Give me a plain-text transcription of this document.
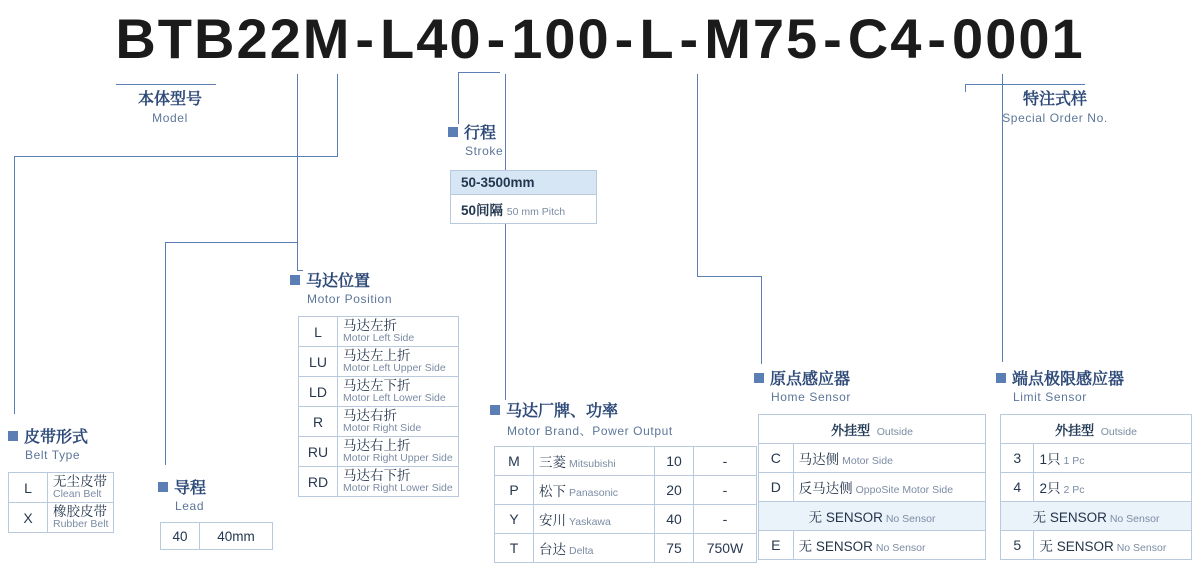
BTB22M-L40-100-L-M75-C4-0001
本体型号
Model
特注式样
Special Order No.
行程
Stroke
50-3500mm
50间隔 50 mm Pitch
皮带形式
Belt Type
L	无尘皮带
Clean Belt

X	橡胶皮带
Rubber Belt
导程
Lead
40	40mm
马达位置
Motor Position
L	马达左折
Motor Left Side

LU	马达左上折
Motor Left Upper Side

LD	马达左下折
Motor Left Lower Side

R	马达右折
Motor Right Side

RU	马达右上折
Motor Right Upper Side

RD	马达右下折
Motor Right Lower Side
马达厂牌、功率
Motor Brand、Power Output
M	三菱 Mitsubishi	10	-
P	松下 Panasonic	20	-
Y	安川 Yaskawa	40	-
T	台达 Delta	75	750W
原点感应器
Home Sensor
外挂型 Outside	
C	马达侧 Motor Side
D	反马达侧 OppoSite Motor Side
无 SENSOR No Sensor	
E	无 SENSOR No Sensor
端点极限感应器
Limit Sensor
外挂型 Outside	
3	1只 1 Pc
4	2只 2 Pc
无 SENSOR No Sensor	
5	无 SENSOR No Sensor
